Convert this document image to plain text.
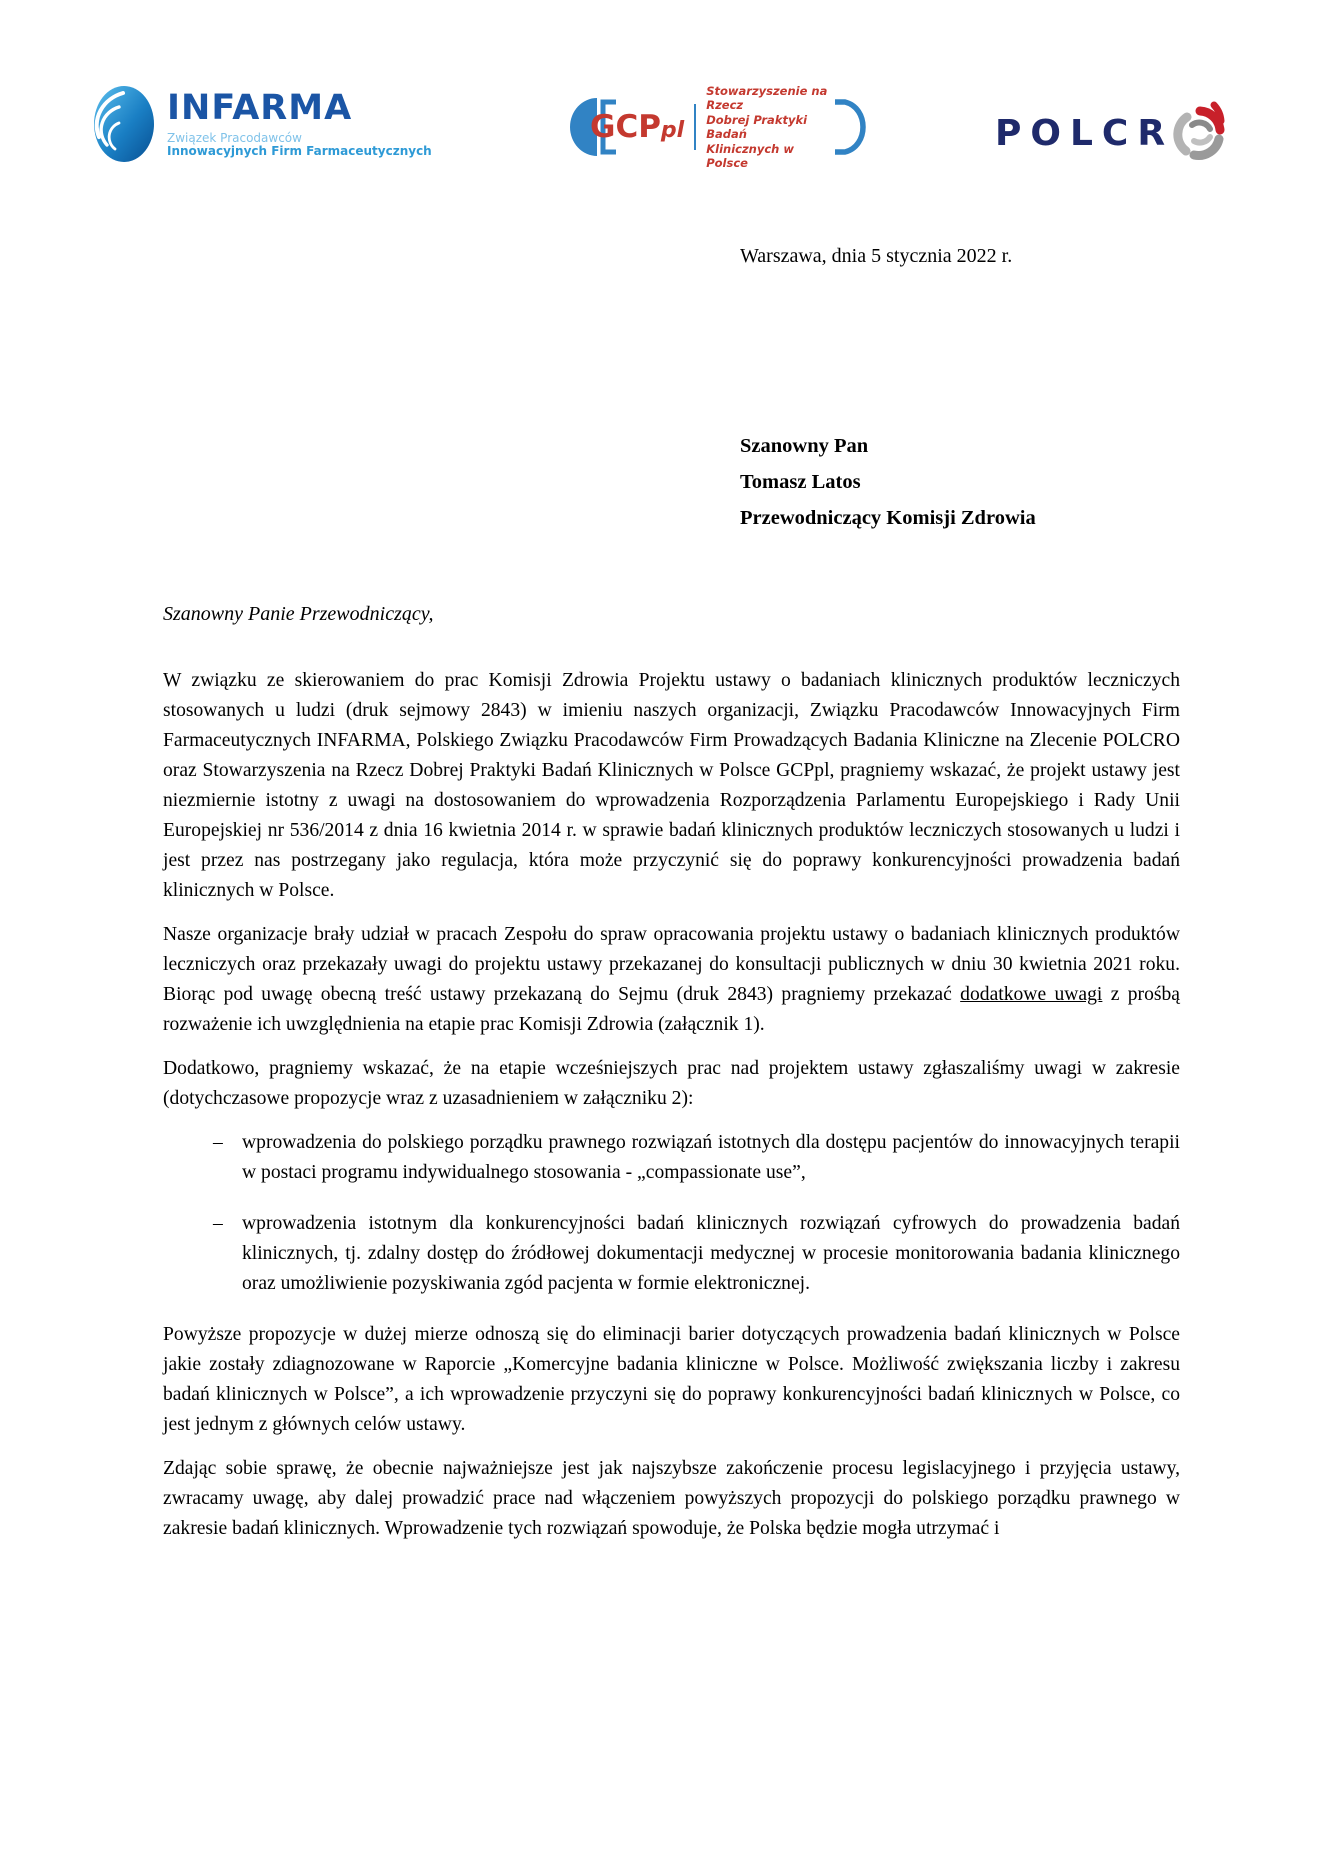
INFARMA
Związek Pracodawców
Innowacyjnych Firm Farmaceutycznych
GCPpl
Stowarzyszenie na Rzecz
Dobrej Praktyki Badań
Klinicznych w Polsce
POLCR
Warszawa, dnia 5 stycznia 2022 r.
Szanowny Pan
Tomasz Latos
Przewodniczący Komisji Zdrowia
Szanowny Panie Przewodniczący,

W związku ze skierowaniem do prac Komisji Zdrowia Projektu ustawy o badaniach klinicznych produktów leczniczych stosowanych u ludzi (druk sejmowy 2843) w imieniu naszych organizacji, Związku Pracodawców Innowacyjnych Firm Farmaceutycznych INFARMA, Polskiego Związku Pracodawców Firm Prowadzących Badania Kliniczne na Zlecenie POLCRO oraz Stowarzyszenia na Rzecz Dobrej Praktyki Badań Klinicznych w Polsce GCPpl, pragniemy wskazać, że projekt ustawy jest niezmiernie istotny z uwagi na dostosowaniem do wprowadzenia Rozporządzenia Parlamentu Europejskiego i Rady Unii Europejskiej nr 536/2014 z dnia 16 kwietnia 2014 r. w sprawie badań klinicznych produktów leczniczych stosowanych u ludzi i jest przez nas postrzegany jako regulacja, która może przyczynić się do poprawy konkurencyjności prowadzenia badań klinicznych w Polsce.

Nasze organizacje brały udział w pracach Zespołu do spraw opracowania projektu ustawy o badaniach klinicznych produktów leczniczych oraz przekazały uwagi do projektu ustawy przekazanej do konsultacji publicznych w dniu 30 kwietnia 2021 roku. Biorąc pod uwagę obecną treść ustawy przekazaną do Sejmu (druk 2843) pragniemy przekazać dodatkowe uwagi z prośbą rozważenie ich uwzględnienia na etapie prac Komisji Zdrowia (załącznik 1).

Dodatkowo, pragniemy wskazać, że na etapie wcześniejszych prac nad projektem ustawy zgłaszaliśmy uwagi w zakresie (dotychczasowe propozycje wraz z uzasadnieniem w załączniku 2):

– wprowadzenia do polskiego porządku prawnego rozwiązań istotnych dla dostępu pacjentów do innowacyjnych terapii w postaci programu indywidualnego stosowania - „compassionate use”,
– wprowadzenia istotnym dla konkurencyjności badań klinicznych rozwiązań cyfrowych do prowadzenia badań klinicznych, tj. zdalny dostęp do źródłowej dokumentacji medycznej w procesie monitorowania badania klinicznego oraz umożliwienie pozyskiwania zgód pacjenta w formie elektronicznej.

Powyższe propozycje w dużej mierze odnoszą się do eliminacji barier dotyczących prowadzenia badań klinicznych w Polsce jakie zostały zdiagnozowane w Raporcie „Komercyjne badania kliniczne w Polsce. Możliwość zwiększania liczby i zakresu badań klinicznych w Polsce”, a ich wprowadzenie przyczyni się do poprawy konkurencyjności badań klinicznych w Polsce, co jest jednym z głównych celów ustawy.

Zdając sobie sprawę, że obecnie najważniejsze jest jak najszybsze zakończenie procesu legislacyjnego i przyjęcia ustawy, zwracamy uwagę, aby dalej prowadzić prace nad włączeniem powyższych propozycji do polskiego porządku prawnego w zakresie badań klinicznych. Wprowadzenie tych rozwiązań spowoduje, że Polska będzie mogła utrzymać i
